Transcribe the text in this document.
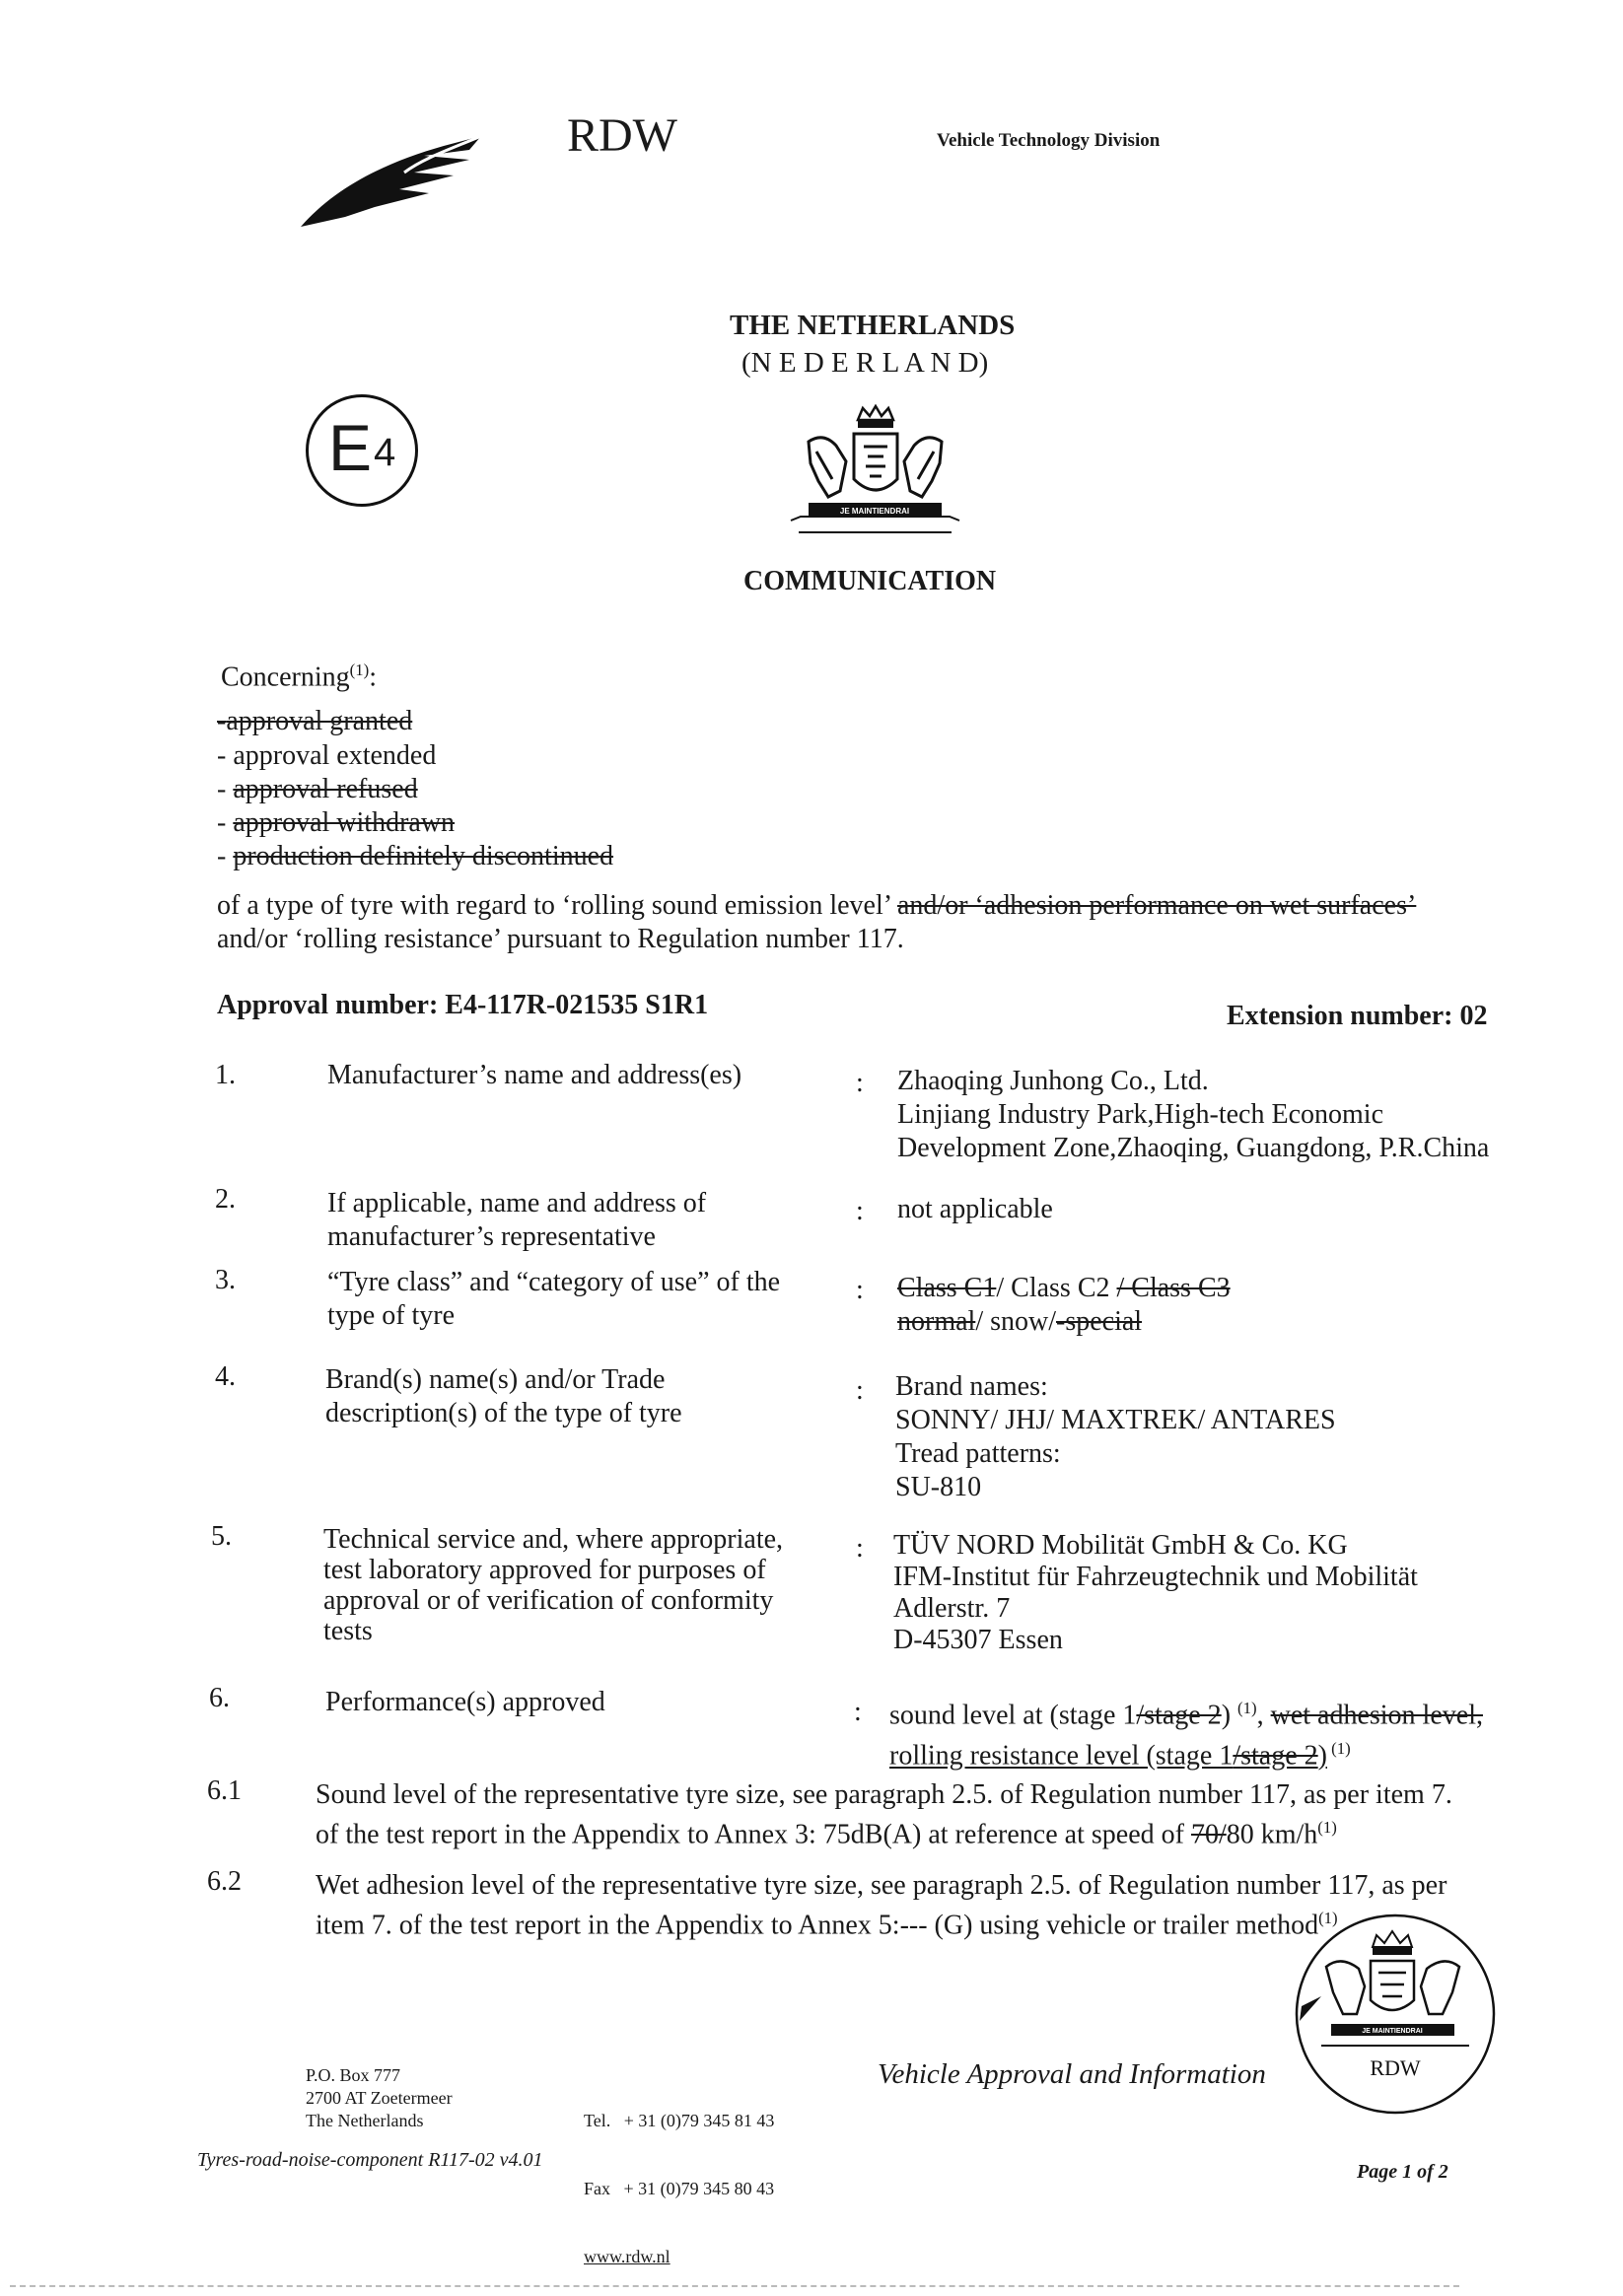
RDW	Vehicle Technology Division
THE NETHERLANDS
(N E D E R L A N D)
E 4
JE MAINTIENDRAI
COMMUNICATION
Concerning$^{(1)}$:
-approval granted
- approval extended
- approval refused
- approval withdrawn
- production definitely discontinued
of a type of tyre with regard to ‘rolling sound emission level’ and/or ‘adhesion performance on wet surfaces’
and/or ‘rolling resistance’ pursuant to Regulation number 117.
Approval number: E4-117R-021535 S1R1	Extension number: 02
1.	Manufacturer’s name and address(es)	: Zhaoqing Junhong Co., Ltd.
Linjiang Industry Park,High-tech Economic
Development Zone,Zhaoqing, Guangdong, P.R.China
2.	If applicable, name and address of
manufacturer’s representative
: not applicable
3.	“Tyre class” and “category of use” of the
type of tyre
: Class C1/ Class C2 / Class C3
normal/ snow/-special
4.	Brand(s) name(s) and/or Trade
description(s) of the type of tyre
: Brand names:
SONNY/ JHJ/ MAXTREK/ ANTARES
Tread patterns:
SU-810
5.	Technical service and, where appropriate,
test laboratory approved for purposes of
approval or of verification of conformity
tests
: TÜV NORD Mobilität GmbH & Co. KG
IFM-Institut für Fahrzeugtechnik und Mobilität
Adlerstr. 7
D-45307 Essen
6.	Performance(s) approved	: sound level at (stage 1/stage 2) $^{(1)}$, wet adhesion level,
rolling resistance level (stage 1/stage 2) $^{(1)}$
6.1	Sound level of the representative tyre size, see paragraph 2.5. of Regulation number 117, as per item 7.
of the test report in the Appendix to Annex 3: 75dB(A) at reference at speed of 70/80 $km/h^{(1)}$
6.2	Wet adhesion level of the representative tyre size, see paragraph 2.5. of Regulation number 117, as per
item 7. of the test report in the Appendix to Annex 5:--- (G) using vehicle or trailer method$^{(1)}$
JE MAINTIENDRAI
RDW
P.O. Box 777
2700 AT Zoetermeer
The Netherlands

	Tel.   + 31 (0)79 345 81 43

Fax   + 31 (0)79 345 80 43

www.rdw.nl

Vehicle Approval and Information
Tyres-road-noise-component R117-02 v4.01
Page 1 of 2
